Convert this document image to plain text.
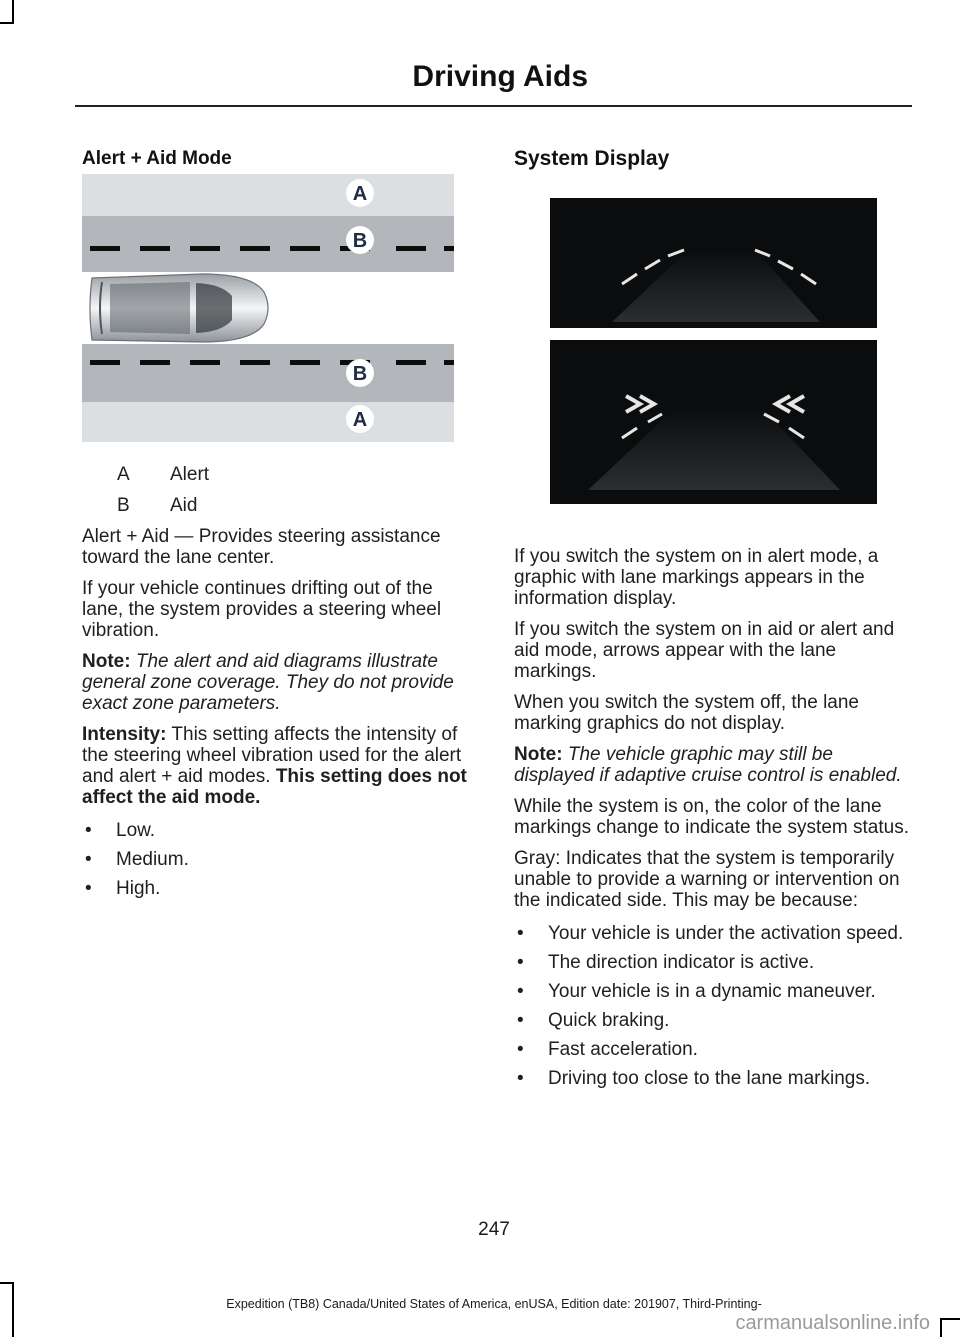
Driving Aids
Alert + Aid Mode
A
B
B
A
A	Alert
B	Aid

Alert + Aid — Provides steering assistance toward the lane center.

If your vehicle continues drifting out of the lane, the system provides a steering wheel vibration.

Note: The alert and aid diagrams illustrate general zone coverage. They do not provide exact zone parameters.

Intensity: This setting affects the intensity of the steering wheel vibration used for the alert and alert + aid modes. This setting does not affect the aid mode.

• Low.
• Medium.
• High.
System Display

If you switch the system on in alert mode, a graphic with lane markings appears in the information display.

If you switch the system on in aid or alert and aid mode, arrows appear with the lane markings.

When you switch the system off, the lane marking graphics do not display.

Note: The vehicle graphic may still be displayed if adaptive cruise control is enabled.

While the system is on, the color of the lane markings change to indicate the system status.

Gray: Indicates that the system is temporarily unable to provide a warning or intervention on the indicated side. This may be because:

• Your vehicle is under the activation speed.
• The direction indicator is active.
• Your vehicle is in a dynamic maneuver.
• Quick braking.
• Fast acceleration.
• Driving too close to the lane markings.
247
Expedition (TB8) Canada/United States of America, enUSA, Edition date: 201907, Third-Printing-
carmanualsonline.info
